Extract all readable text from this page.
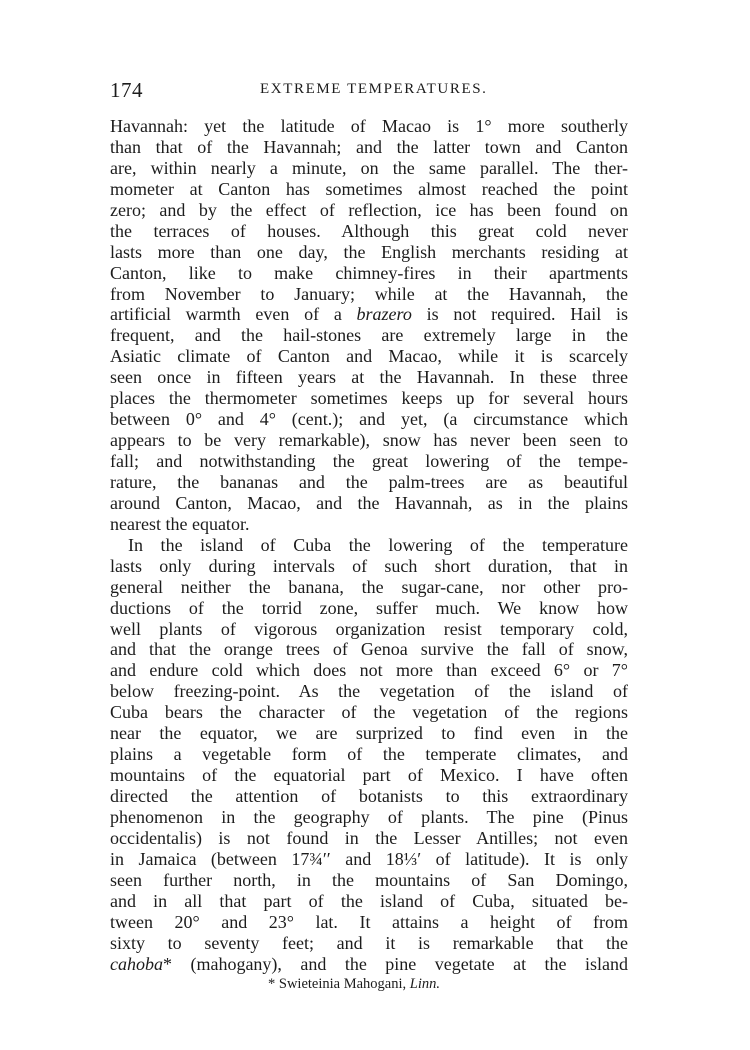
174	EXTREME TEMPERATURES.
Havannah: yet the latitude of Macao is 1° more southerly
than that of the Havannah; and the latter town and Canton
are, within nearly a minute, on the same parallel. The ther-
mometer at Canton has sometimes almost reached the point
zero; and by the effect of reflection, ice has been found on
the terraces of houses. Although this great cold never
lasts more than one day, the English merchants residing at
Canton, like to make chimney-fires in their apartments
from November to January; while at the Havannah, the
artificial warmth even of a brazero is not required. Hail is
frequent, and the hail-stones are extremely large in the
Asiatic climate of Canton and Macao, while it is scarcely
seen once in fifteen years at the Havannah. In these three
places the thermometer sometimes keeps up for several hours
between 0° and 4° (cent.); and yet, (a circumstance which
appears to be very remarkable), snow has never been seen to
fall; and notwithstanding the great lowering of the tempe-
rature, the bananas and the palm-trees are as beautiful
around Canton, Macao, and the Havannah, as in the plains
nearest the equator.
In the island of Cuba the lowering of the temperature
lasts only during intervals of such short duration, that in
general neither the banana, the sugar-cane, nor other pro-
ductions of the torrid zone, suffer much. We know how
well plants of vigorous organization resist temporary cold,
and that the orange trees of Genoa survive the fall of snow,
and endure cold which does not more than exceed 6° or 7°
below freezing-point. As the vegetation of the island of
Cuba bears the character of the vegetation of the regions
near the equator, we are surprized to find even in the
plains a vegetable form of the temperate climates, and
mountains of the equatorial part of Mexico. I have often
directed the attention of botanists to this extraordinary
phenomenon in the geography of plants. The pine (Pinus
occidentalis) is not found in the Lesser Antilles; not even
in Jamaica (between 17¾′′ and 18⅓′ of latitude). It is only
seen further north, in the mountains of San Domingo,
and in all that part of the island of Cuba, situated be-
tween 20° and 23° lat. It attains a height of from
sixty to seventy feet; and it is remarkable that the
cahoba* (mahogany), and the pine vegetate at the island
* Swieteinia Mahogani, Linn.
